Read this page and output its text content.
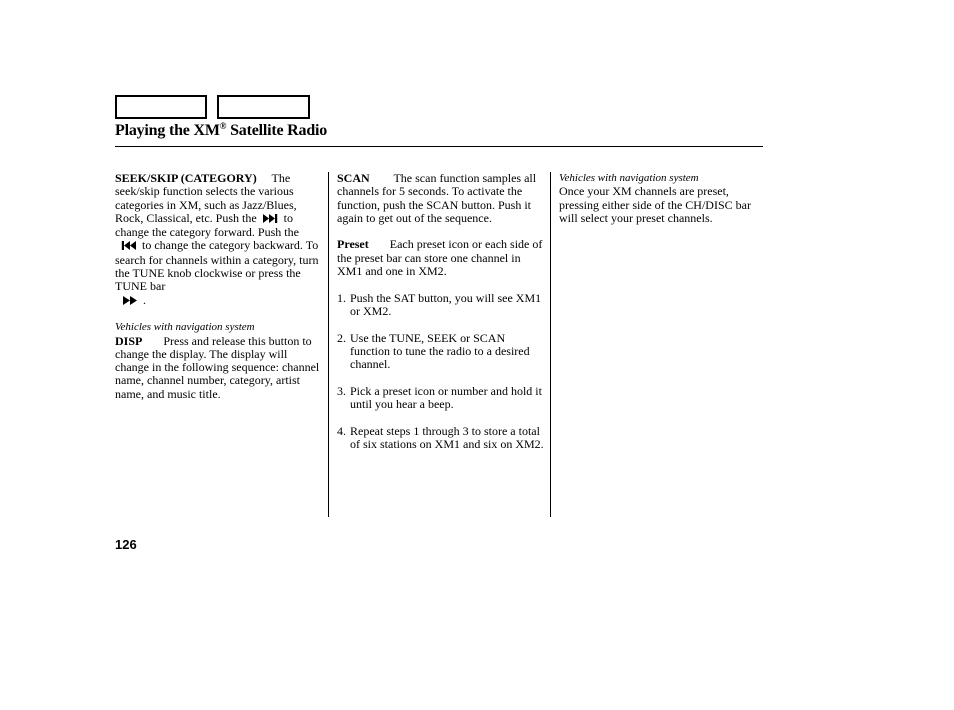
Playing the XM® Satellite Radio

SEEK/SKIP (CATEGORY) The seek/skip function selects the various categories in XM, such as Jazz/Blues, Rock, Classical, etc. Push the to change the category forward. Push theto change the category backward. To search for channels within a category, turn the TUNE knob clockwise or press the TUNE bar
.

Vehicles with navigation system

DISP Press and release this button to change the display. The display will change in the following sequence: channel name, channel number, category, artist name, and music title.

SCAN The scan function samples all channels for 5 seconds. To activate the function, push the SCAN button. Push it again to get out of the sequence.

Preset Each preset icon or each side of the preset bar can store one channel in XM1 and one in XM2.

1. Push the SAT button, you will see XM1 or XM2.
2. Use the TUNE, SEEK or SCAN function to tune the radio to a desired channel.
3. Pick a preset icon or number and hold it until you hear a beep.
4. Repeat steps 1 through 3 to store a total of six stations on XM1 and six on XM2.

Vehicles with navigation system

Once your XM channels are preset, pressing either side of the CH/DISC bar will select your preset channels.

126
